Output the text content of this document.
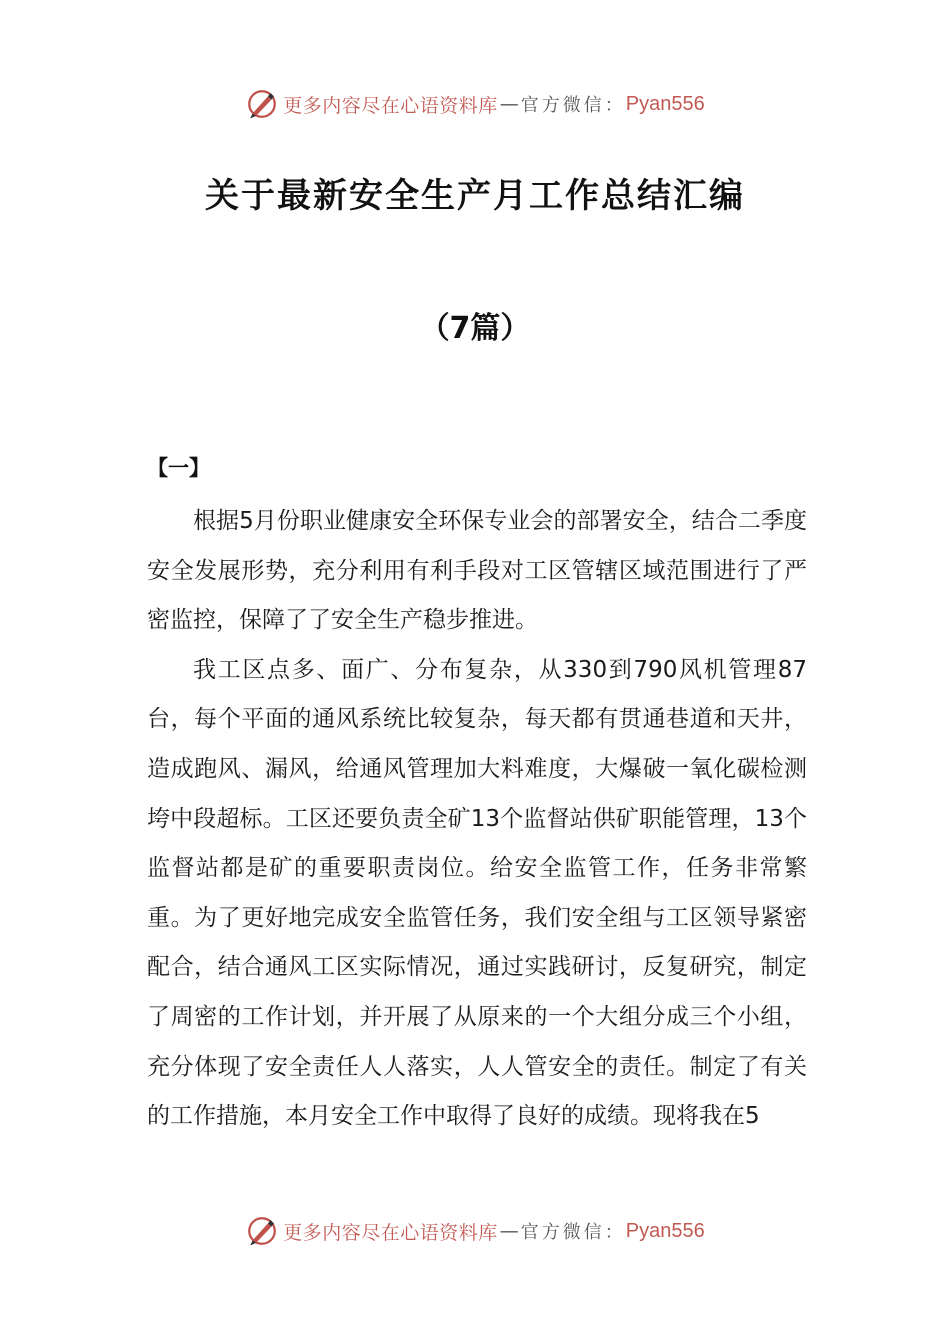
更多内容尽在心语资料库 — 官方微信： Pyan556
关于最新安全生产月工作总结汇编
（7篇）
【一】

根据5月份职业健康安全环保专业会的部署安全，结合二季度安全发展形势，充分利用有利手段对工区管辖区域范围进行了严密监控，保障了了安全生产稳步推进。

我工区点多、面广、分布复杂，从330到790风机管理87台，每个平面的通风系统比较复杂，每天都有贯通巷道和天井，造成跑风、漏风，给通风管理加大料难度，大爆破一氧化碳检测垮中段超标。工区还要负责全矿13个监督站供矿职能管理，13个监督站都是矿的重要职责岗位。给安全监管工作，任务非常繁重。为了更好地完成安全监管任务，我们安全组与工区领导紧密配合，结合通风工区实际情况，通过实践研讨，反复研究，制定了周密的工作计划，并开展了从原来的一个大组分成三个小组，充分体现了安全责任人人落实，人人管安全的责任。制定了有关的工作措施，本月安全工作中取得了良好的成绩。现将我在5

更多内容尽在心语资料库 — 官方微信： Pyan556
